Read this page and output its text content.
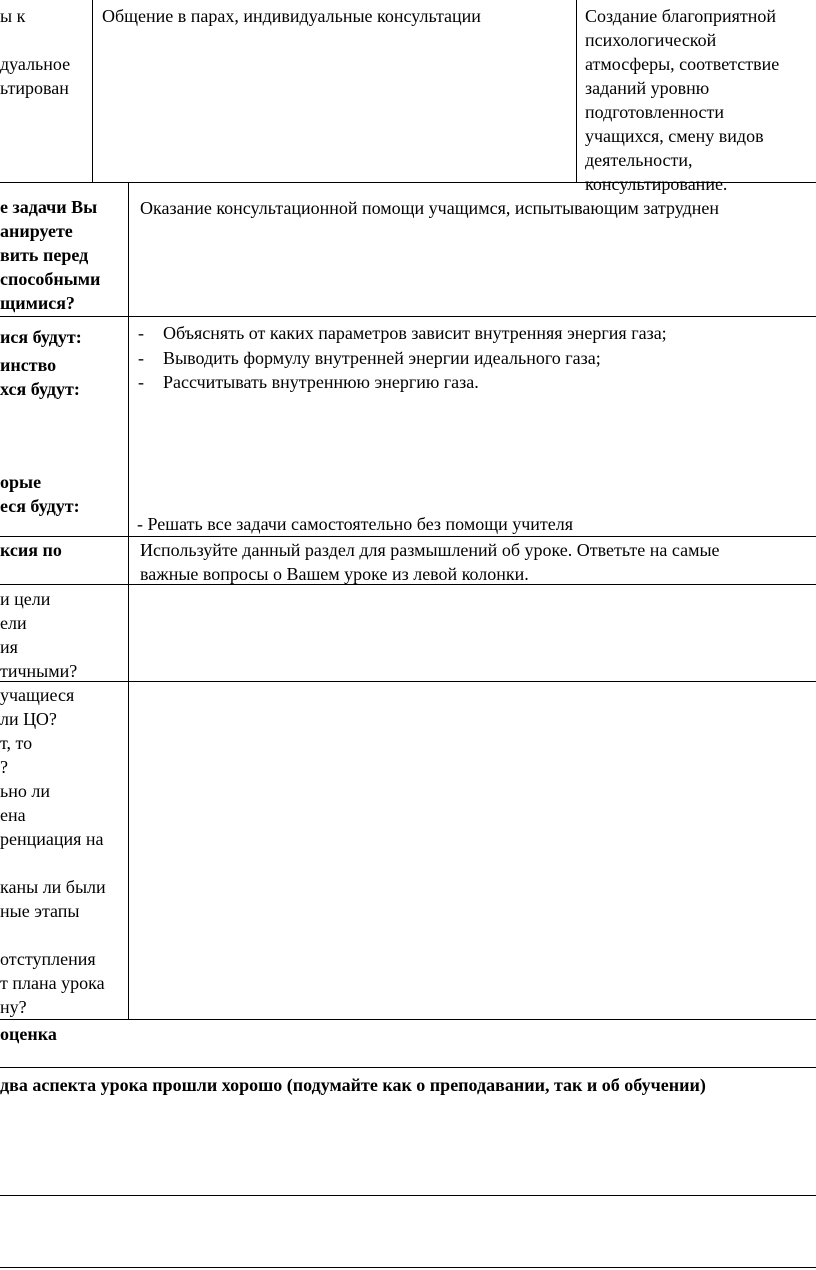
ы к
дуальное
ьтирован
Общение в парах, индивидуальные консультации	Создание благоприятной
психологической
атмосферы, соответствие
заданий уровню
подготовленности
учащихся, смену видов
деятельности,
консультирование.
е задачи Вы
анируете
вить перед
способными
щимися?
Оказание консультационной помощи учащимся, испытывающим затруднен
ися будут:
инство
хся будут:
орые
еся будут:
- Объяснять от каких параметров зависит внутренняя энергия газа;
- Выводить формулу внутренней энергии идеального газа;
- Рассчитывать внутреннюю энергию газа.
- Решать все задачи самостоятельно без помощи учителя
ксия по	Используйте данный раздел для размышлений об уроке. Ответьте на самые
важные вопросы о Вашем уроке из левой колонки.
и цели
ели
ия
тичными?
учащиеся
ли ЦО?
т, то
?
ьно ли
ена
ренциация на
каны ли были
ные этапы
отступления
т плана урока
ну?
оценка
два аспекта урока прошли хорошо (подумайте как о преподавании, так и об обучении)
